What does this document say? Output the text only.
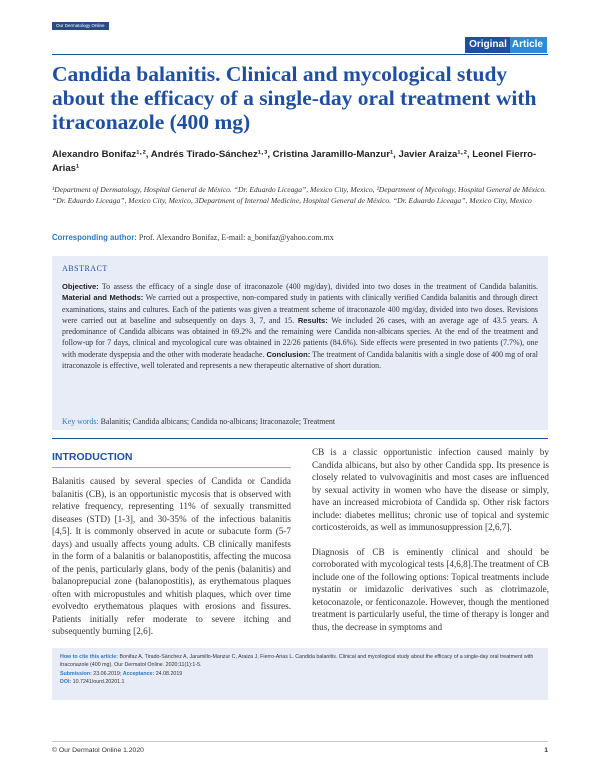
Our Dermatology Online
Original Article
Candida balanitis. Clinical and mycological study about the efficacy of a single-day oral treatment with itraconazole (400 mg)
Alexandro Bonifaz¹·², Andrés Tirado-Sánchez¹·³, Cristina Jaramillo-Manzur¹, Javier Araiza¹·², Leonel Fierro-Arias¹
¹Department of Dermatology, Hospital General de México. “Dr. Eduardo Liceaga”, Mexico City, Mexico, ²Department of Mycology, Hospital General de México. “Dr. Eduardo Liceaga”, Mexico City, Mexico, 3Department of Internal Medicine, Hospital General de México. “Dr. Eduardo Liceaga”, Mexico City, Mexico
Corresponding author: Prof. Alexandro Bonifaz, E-mail: a_bonifaz@yahoo.com.mx
ABSTRACT
Objective: To assess the efficacy of a single dose of itraconazole (400 mg/day), divided into two doses in the treatment of Candida balanitis. Material and Methods: We carried out a prospective, non-compared study in patients with clinically verified Candida balanitis and through direct examinations, stains and cultures. Each of the patients was given a treatment scheme of itraconazole 400 mg/day, divided into two doses. Revisions were carried out at baseline and subsequently on days 3, 7, and 15. Results: We included 26 cases, with an average age of 43.5 years. A predominance of Candida albicans was obtained in 69.2% and the remaining were Candida non-albicans species. At the end of the treatment and follow-up for 7 days, clinical and mycological cure was obtained in 22/26 patients (84.6%). Side effects were presented in two patients (7.7%), one with moderate dyspepsia and the other with moderate headache. Conclusion: The treatment of Candida balanitis with a single dose of 400 mg of oral itraconazole is effective, well tolerated and represents a new therapeutic alternative of short duration.
Key words: Balanitis; Candida albicans; Candida no-albicans; Itraconazole; Treatment
INTRODUCTION

Balanitis caused by several species of Candida or Candida balanitis (CB), is an opportunistic mycosis that is observed with relative frequency, representing 11% of sexually transmitted diseases (STD) [1-3], and 30-35% of the infectious balanitis [4,5]. It is commonly observed in acute or subacute form (5-7 days) and usually affects young adults. CB clinically manifests in the form of a balanitis or balanopostitis, affecting the mucosa of the penis, particularly glans, body of the penis (balanitis) and balanoprepucial zone (balanopostitis), as erythematous plaques often with micropustules and whitish plaques, which over time evolvedto erythematous plaques with erosions and fissures. Patients initially refer moderate to severe itching and subsequently burning [2,6].

CB is a classic opportunistic infection caused mainly by Candida albicans, but also by other Candida spp. Its presence is closely related to vulvovaginitis and most cases are influenced by sexual activity in women who have the disease or simply, have an increased microbiota of Candida sp. Other risk factors include: diabetes mellitus; chronic use of topical and systemic corticosteroids, as well as immunosuppression [2,6,7].

Diagnosis of CB is eminently clinical and should be corroborated with mycological tests [4,6,8].The treatment of CB include one of the following options: Topical treatments include nystatin or imidazolic derivatives such as clotrimazole, ketoconazole, or fenticonazole. However, though the mentioned treatment is particularly useful, the time of therapy is longer and thus, the decrease in symptoms and

How to cite this article: Bonifaz A, Tirado-Sánchez A, Jaramillo-Manzur C, Araiza J, Fierro-Arias L. Candida balanitis. Clinical and mycological study about the efficacy of a single-day oral treatment with itraconazole (400 mg). Our Dermatol Online. 2020;11(1):1-5.
Submission: 23.06.2019; Acceptance: 24.08.2019
DOI: 10.7241/ourd.20201.1
© Our Dermatol Online 1.2020	1
